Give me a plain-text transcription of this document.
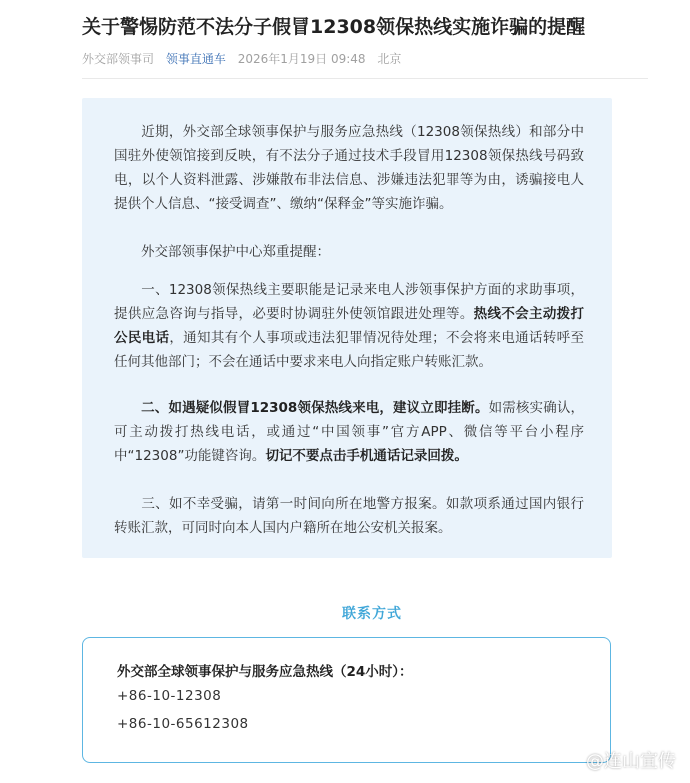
关于警惕防范不法分子假冒12308领保热线实施诈骗的提醒
外交部领事司 领事直通车 2026年1月19日 09:48 北京
近期，外交部全球领事保护与服务应急热线（12308领保热线）和部分中国驻外使领馆接到反映，有不法分子通过技术手段冒用12308领保热线号码致电，以个人资料泄露、涉嫌散布非法信息、涉嫌违法犯罪等为由，诱骗接电人提供个人信息、“接受调查”、缴纳“保释金”等实施诈骗。
外交部领事保护中心郑重提醒：
一、12308领保热线主要职能是记录来电人涉领事保护方面的求助事项，提供应急咨询与指导，必要时协调驻外使领馆跟进处理等。热线不会主动拨打公民电话，通知其有个人事项或违法犯罪情况待处理；不会将来电通话转呼至任何其他部门；不会在通话中要求来电人向指定账户转账汇款。
二、如遇疑似假冒12308领保热线来电，建议立即挂断。如需核实确认，可主动拨打热线电话，或通过“中国领事”官方APP、微信等平台小程序中“12308”功能键咨询。切记不要点击手机通话记录回拨。
三、如不幸受骗，请第一时间向所在地警方报案。如款项系通过国内银行转账汇款，可同时向本人国内户籍所在地公安机关报案。
联系方式
外交部全球领事保护与服务应急热线（24小时）：
+86-10-12308
+86-10-65612308
@连山宣传
